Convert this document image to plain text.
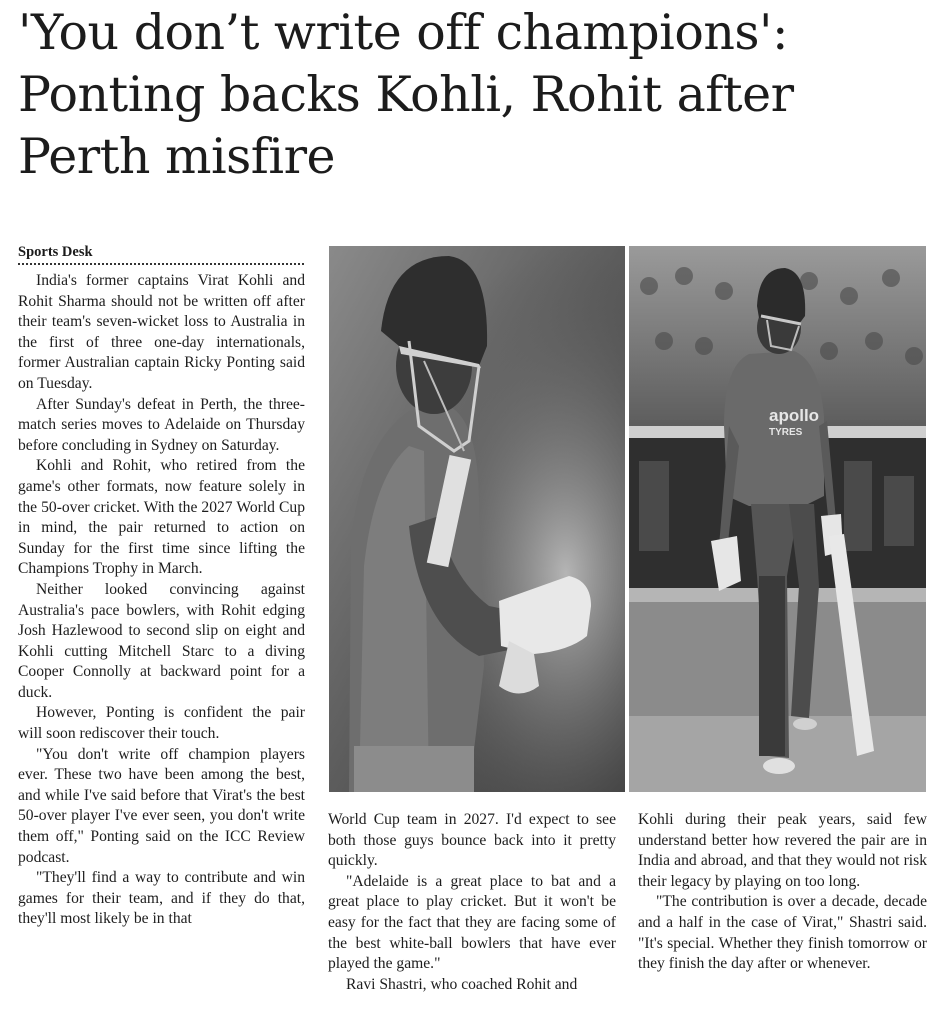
'You don’t write off champions': Ponting backs Kohli, Rohit after Perth misfire
Sports Desk

India's former captains Virat Kohli and Rohit Sharma should not be written off after their team's seven-wicket loss to Australia in the first of three one-day internationals, former Australian captain Ricky Ponting said on Tuesday.

After Sunday's defeat in Perth, the three-match series moves to Adelaide on Thursday before concluding in Sydney on Saturday.

Kohli and Rohit, who retired from the game's other formats, now feature solely in the 50-over cricket. With the 2027 World Cup in mind, the pair returned to action on Sunday for the first time since lifting the Champions Trophy in March.

Neither looked convincing against Australia's pace bowlers, with Rohit edging Josh Hazlewood to second slip on eight and Kohli cutting Mitchell Starc to a diving Cooper Connolly at backward point for a duck.

However, Ponting is confident the pair will soon rediscover their touch.

"You don't write off champion players ever. These two have been among the best, and while I've said before that Virat's the best 50-over player I've ever seen, you don't write them off," Ponting said on the ICC Review podcast.

"They'll find a way to contribute and win games for their team, and if they do that, they'll most likely be in that

apollo TYRES

World Cup team in 2027. I'd expect to see both those guys bounce back into it pretty quickly.

"Adelaide is a great place to bat and a great place to play cricket. But it won't be easy for the fact that they are facing some of the best white-ball bowlers that have ever played the game."

Ravi Shastri, who coached Rohit and

Kohli during their peak years, said few understand better how revered the pair are in India and abroad, and that they would not risk their legacy by playing on too long.

"The contribution is over a decade, decade and a half in the case of Virat," Shastri said. "It's special. Whether they finish tomorrow or they finish the day after or whenever.
